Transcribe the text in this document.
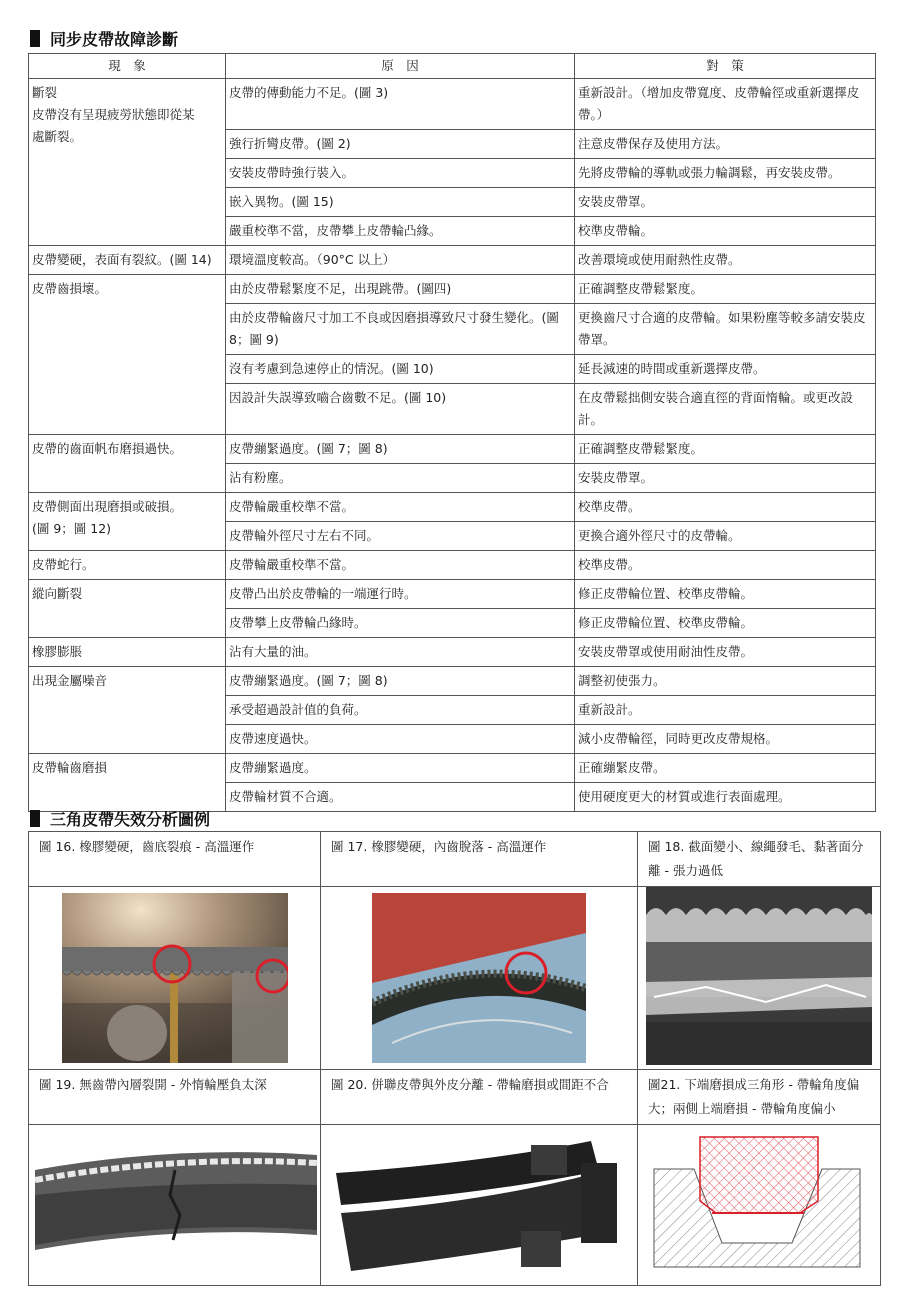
同步皮帶故障診斷
現　象	原　因	對　策

斷裂
皮帶沒有呈現疲勞狀態即從某
處斷裂。	皮帶的傳動能力不足。(圖 3)	重新設計。（增加皮帶寬度、皮帶輪徑或重新選擇皮帶。）
	強行折彎皮帶。(圖 2)	注意皮帶保存及使用方法。
	安裝皮帶時強行裝入。	先將皮帶輪的導軌或張力輪調鬆，再安裝皮帶。
	嵌入異物。(圖 15)	安裝皮帶罩。
	嚴重校準不當，皮帶攀上皮帶輪凸緣。	校準皮帶輪。

皮帶變硬，表面有裂紋。(圖 14)	環境溫度較高。（90°C 以上）	改善環境或使用耐熱性皮帶。

皮帶齒損壞。	由於皮帶鬆緊度不足，出現跳帶。(圖四)	正確調整皮帶鬆緊度。
	由於皮帶輪齒尺寸加工不良或因磨損導致尺寸發生變化。(圖 8；圖 9)	更換齒尺寸合適的皮帶輪。如果粉塵等較多請安裝皮帶罩。
	沒有考慮到急速停止的情況。(圖 10)	延長減速的時間或重新選擇皮帶。
	因設計失誤導致嚙合齒數不足。(圖 10)	在皮帶鬆拙側安裝合適直徑的背面惰輪。或更改設計。

皮帶的齒面帆布磨損過快。	皮帶繃緊過度。(圖 7；圖 8)	正確調整皮帶鬆緊度。
	沾有粉塵。	安裝皮帶罩。

皮帶側面出現磨損或破損。
(圖 9；圖 12)	皮帶輪嚴重校準不當。	校準皮帶。
	皮帶輪外徑尺寸左右不同。	更換合適外徑尺寸的皮帶輪。

皮帶蛇行。	皮帶輪嚴重校準不當。	校準皮帶。

縱向斷裂	皮帶凸出於皮帶輪的一端運行時。	修正皮帶輪位置、校準皮帶輪。
	皮帶攀上皮帶輪凸緣時。	修正皮帶輪位置、校準皮帶輪。

橡膠膨脹	沾有大量的油。	安裝皮帶罩或使用耐油性皮帶。

出現金屬噪音	皮帶繃緊過度。(圖 7；圖 8)	調整初使張力。
	承受超過設計值的負荷。	重新設計。
	皮帶速度過快。	減小皮帶輪徑，同時更改皮帶規格。

皮帶輪齒磨損	皮帶繃緊過度。	正確繃緊皮帶。
	皮帶輪材質不合適。	使用硬度更大的材質或進行表面處理。
三角皮帶失效分析圖例
圖 16. 橡膠變硬，齒底裂痕 - 高溫運作	圖 17. 橡膠變硬，內齒脫落 - 高溫運作	圖 18. 截面變小、線繩發毛、黏著面分離 - 張力過低

圖 19. 無齒帶內層裂開 - 外惰輪壓負太深	圖 20. 併聯皮帶與外皮分離 - 帶輪磨損或間距不合	圖21. 下端磨損成三角形 - 帶輪角度偏大；兩側上端磨損 - 帶輪角度偏小
